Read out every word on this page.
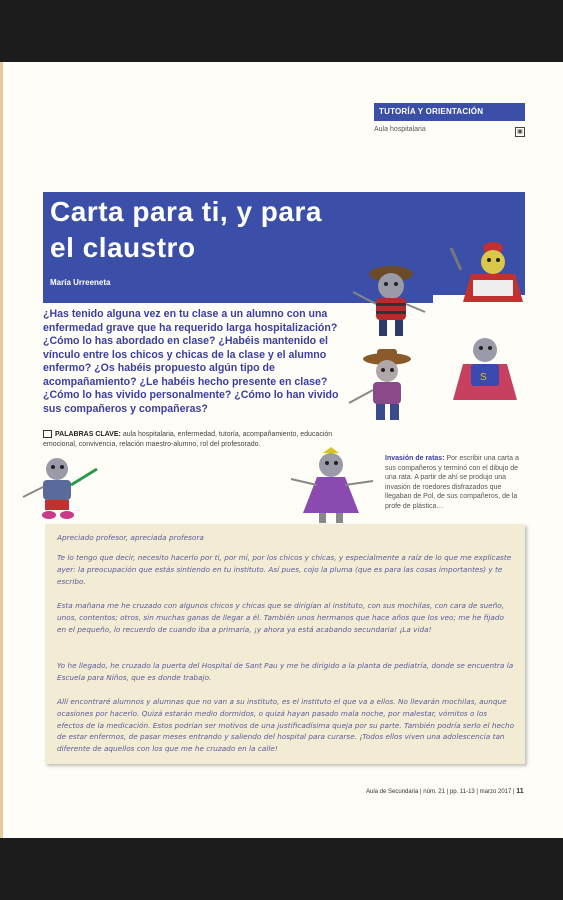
TUTORÍA Y ORIENTACIÓN
Aula hospitalaria	▣
Carta para ti, y para
el claustro
María Urreeneta

¿Has tenido alguna vez en tu clase a un alumno con una enfermedad grave que ha requerido larga hospitalización? ¿Cómo lo has abordado en clase? ¿Habéis mantenido el vínculo entre los chicos y chicas de la clase y el alumno enfermo? ¿Os habéis propuesto algún tipo de acompañamiento? ¿Le habéis hecho presente en clase? ¿Cómo lo has vivido personalmente? ¿Cómo lo han vivido sus compañeros y compañeras?

PALABRAS CLAVE: aula hospitalaria, enfermedad, tutoría, acompañamiento, educación emocional, convivencia, relación maestro-alumno, rol del profesorado.
Invasión de ratas: Por escribir una carta a sus compañeros y terminó con el dibujo de una rata. A partir de ahí se produjo una invasión de roedores disfrazados que llegaban de Pol, de sus compañeros, de la profe de plástica…
S

Apreciado profesor, apreciada profesora

Te lo tengo que decir, necesito hacerlo por ti, por mí, por los chicos y chicas, y especialmente a raíz de lo que me explicaste ayer: la preocupación que estás sintiendo en tu instituto. Así pues, cojo la pluma (que es para las cosas importantes) y te escribo.

Esta mañana me he cruzado con algunos chicos y chicas que se dirigían al instituto, con sus mochilas, con cara de sueño, unos, contentos; otros, sin muchas ganas de llegar a él. También unos hermanos que hace años que los veo; me he fijado en el pequeño, lo recuerdo de cuando iba a primaria, ¡y ahora ya está acabando secundaria! ¡La vida!

Yo he llegado, he cruzado la puerta del Hospital de Sant Pau y me he dirigido a la planta de pediatría, donde se encuentra la Escuela para Niños, que es donde trabajo.

Allí encontraré alumnos y alumnas que no van a su instituto, es el instituto el que va a ellos. No llevarán mochilas, aunque ocasiones por hacerlo. Quizá estarán medio dormidos, o quizá hayan pasado mala noche, por malestar, vómitos o los efectos de la medicación. Estos podrían ser motivos de una justificadísima queja por su parte. También podría serlo el hecho de estar enfermos, de pasar meses entrando y saliendo del hospital para curarse. ¡Todos ellos viven una adolescencia tan diferente de aquellos con los que me he cruzado en la calle!

Aula de Secundaria | núm. 21 | pp. 11-13 | marzo 2017 | 11
